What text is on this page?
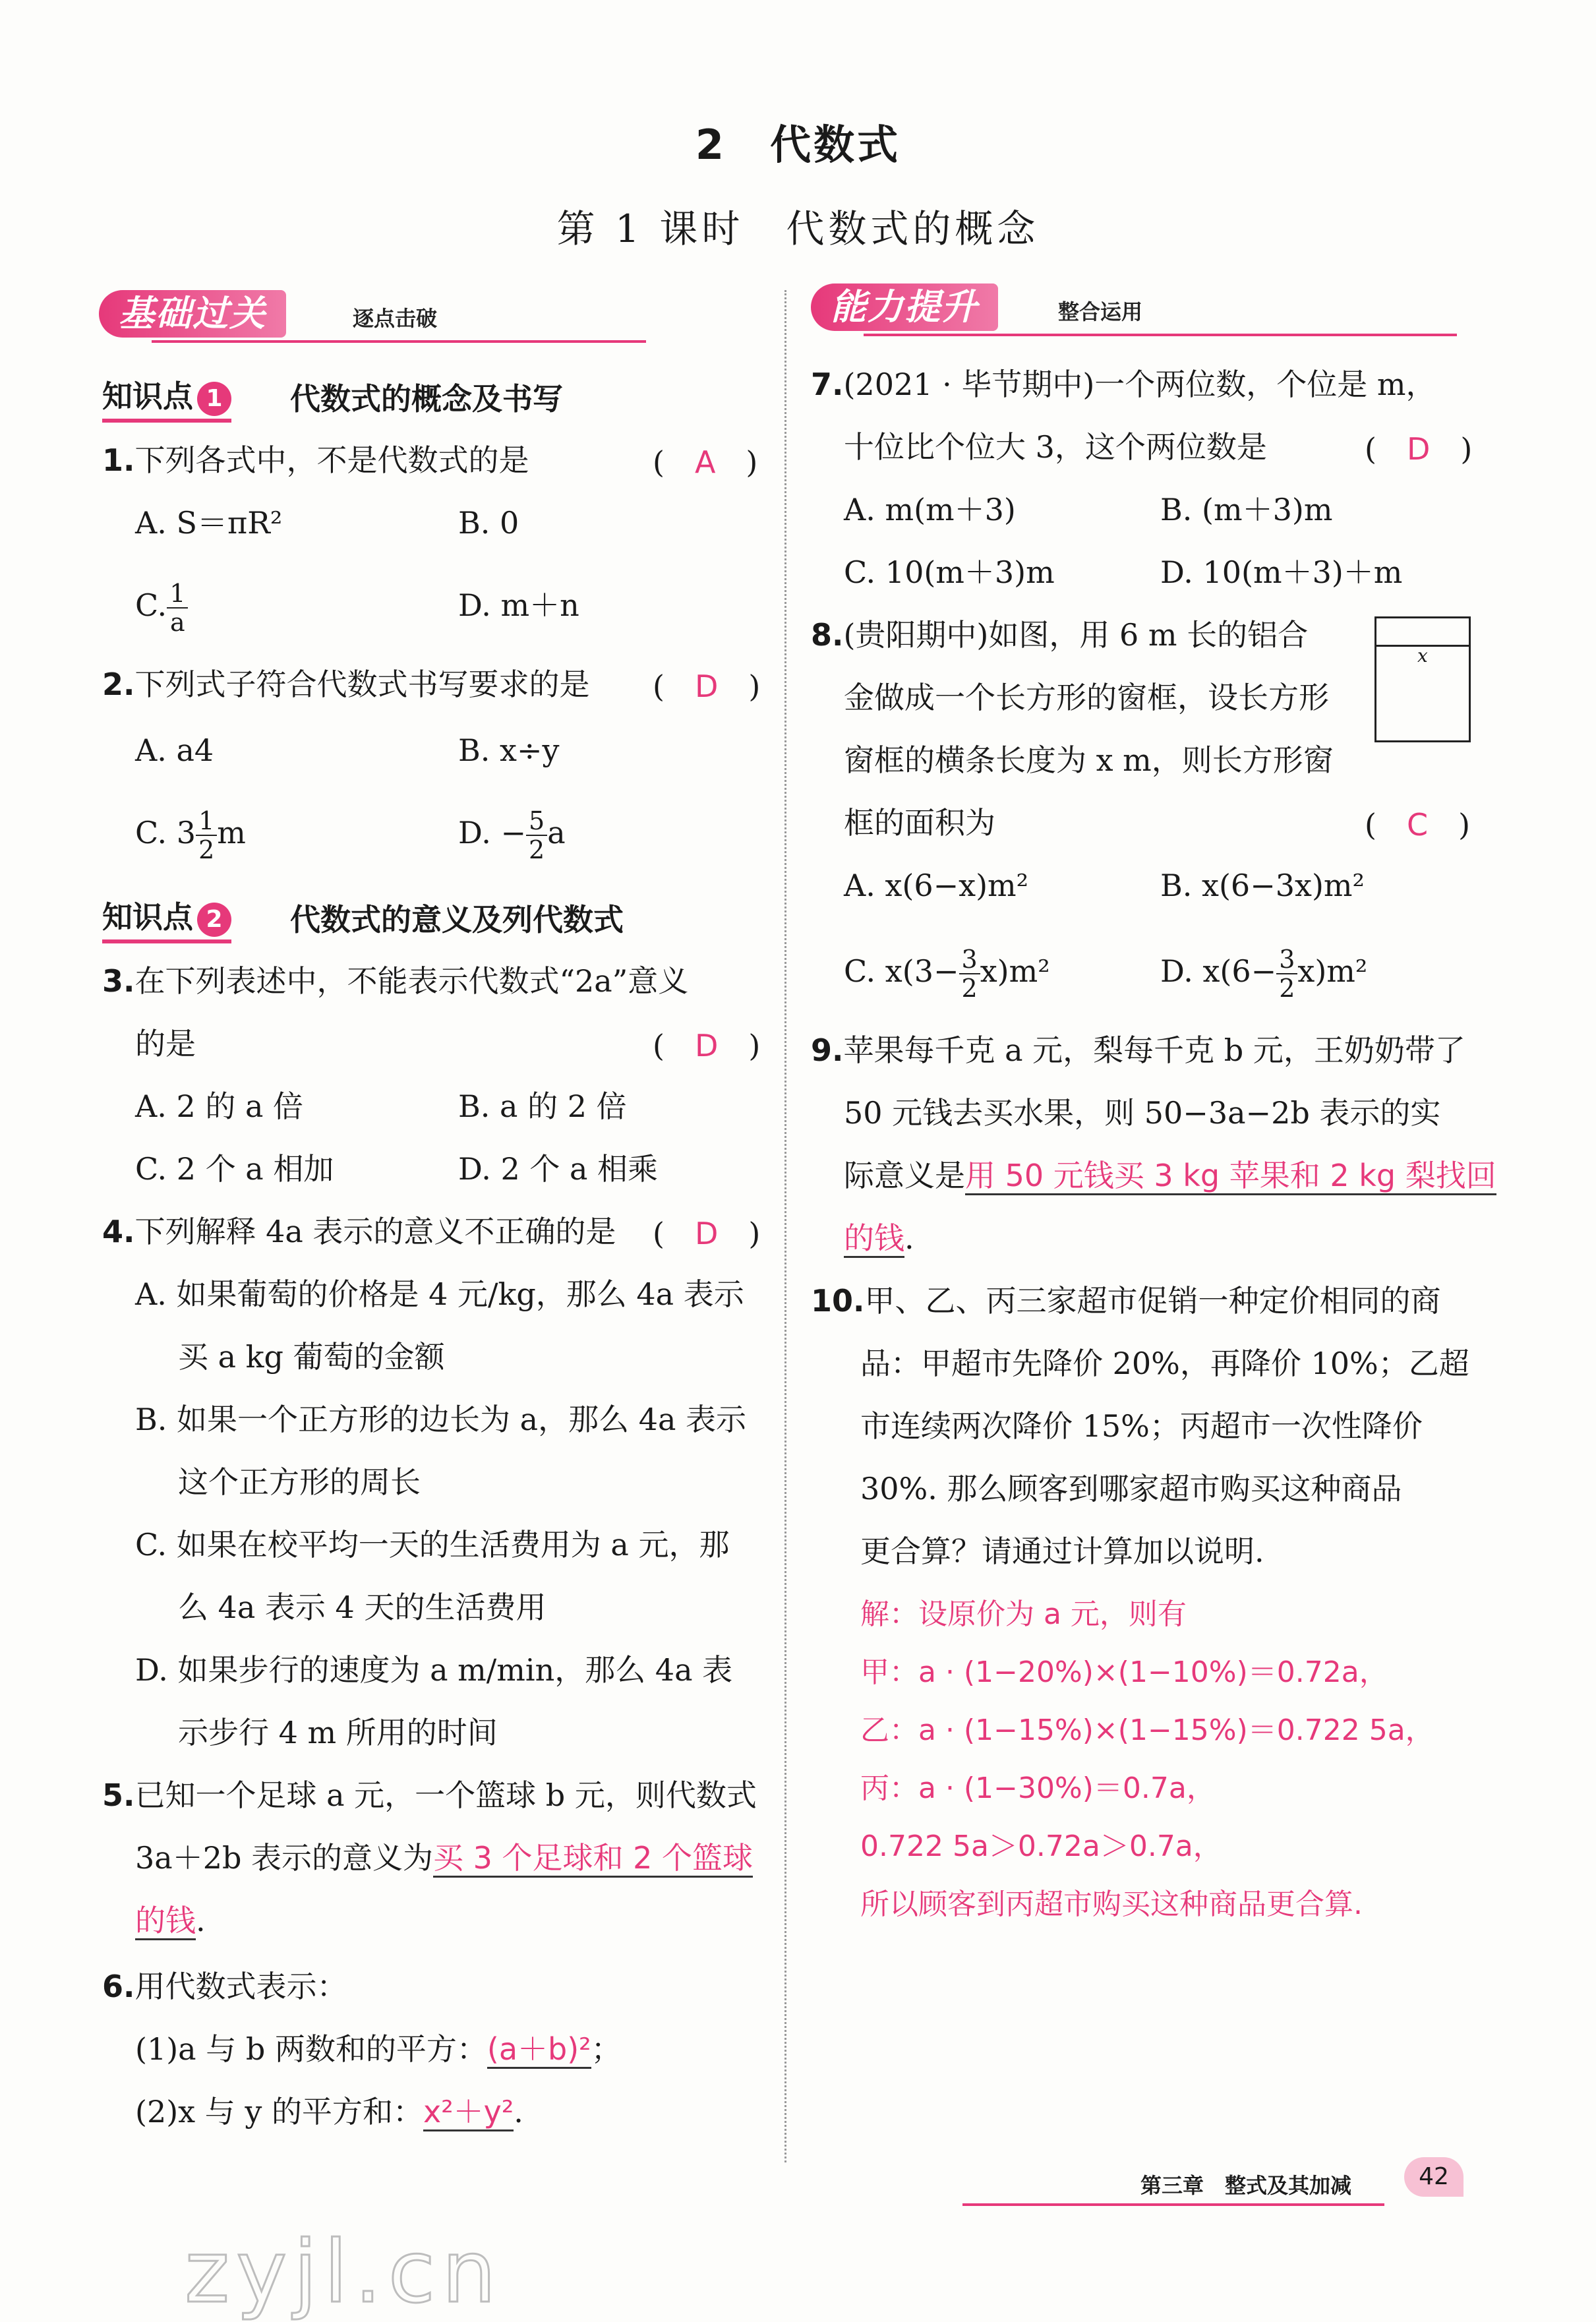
2　 代数式
第 1 课时　 代数式的概念
基础过关	逐点击破	能力提升	整合运用
知识点 1 代数式的概念及书写
1.下列各式中，不是代数式的是	(　A　)
A. S＝πR²	B. 0
C. $\frac{1}{a}$	D. m＋n
2.下列式子符合代数式书写要求的是 (　D　)
A. a4	B. x÷y
C. $3 \frac{1}{2}$ m	D. − $\frac{5}{2}$ a
知识点 2 代数式的意义及列代数式
3.在下列表述中，不能表示代数式“2a”意义
的是	(　D　)
A. 2 的 a 倍	B. a 的 2 倍
C. 2 个 a 相加	D. 2 个 a 相乘
4.下列解释 4a 表示的意义不正确的是 (　D　)
A. 如果葡萄的价格是 4 元/kg，那么 4a 表示
买 a kg 葡萄的金额
B. 如果一个正方形的边长为 a，那么 4a 表示
这个正方形的周长
C. 如果在校平均一天的生活费用为 a 元，那
么 4a 表示 4 天的生活费用
D. 如果步行的速度为 a m/min，那么 4a 表
示步行 4 m 所用的时间
5.已知一个足球 a 元，一个篮球 b 元，则代数式
3a＋2b 表示的意义为买 3 个足球和 2 个篮球
的钱.
6.用代数式表示：
(1)a 与 b 两数和的平方：(a＋b)²；
(2)x 与 y 的平方和：x²＋y².
7.(2021 · 毕节期中)一个两位数，个位是 m，
十位比个位大 3，这个两位数是	(　D　)
A. m(m＋3)	B. (m＋3)m
C. 10(m＋3)m	D. 10(m＋3)＋m
8.(贵阳期中)如图，用 6 m 长的铝合
金做成一个长方形的窗框，设长方形
窗框的横条长度为 x m，则长方形窗
框的面积为	(　C　)
x
A. x(6−x)m²	B. x(6−3x)m²
C. $x(3- \frac{3}{2} x)m^2$	D. $x(6- \frac{3}{2} x)m^2$
9.苹果每千克 a 元，梨每千克 b 元，王奶奶带了
50 元钱去买水果，则 50−3a−2b 表示的实
际意义是用 50 元钱买 3 kg 苹果和 2 kg 梨找回
的钱.
10.甲、乙、丙三家超市促销一种定价相同的商
品：甲超市先降价 20%，再降价 10%；乙超
市连续两次降价 15%；丙超市一次性降价
30%. 那么顾客到哪家超市购买这种商品
更合算？请通过计算加以说明.
解：设原价为 a 元，则有
甲：a · (1−20%)×(1−10%)＝0.72a，
乙：a · (1−15%)×(1−15%)＝0.722 5a，
丙：a · (1−30%)＝0.7a，
0.722 5a＞0.72a＞0.7a，
所以顾客到丙超市购买这种商品更合算.
第三章　整式及其加减	42
zyjl.cn
